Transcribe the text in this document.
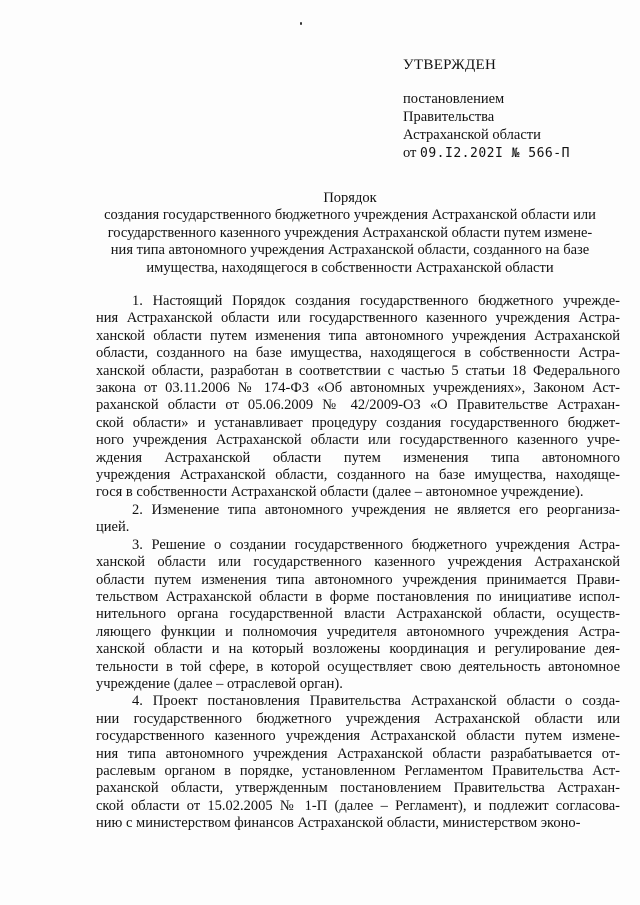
УТВЕРЖДЕН
постановлением
Правительства
Астраханской области
от 09.I2.202I № 566-П
Порядок
создания государственного бюджетного учреждения Астраханской области или
государственного казенного учреждения Астраханской области путем измене-
ния типа автономного учреждения Астраханской области, созданного на базе
имущества, находящегося в собственности Астраханской области
1. Настоящий Порядок создания государственного бюджетного учрежде-
ния Астраханской области или государственного казенного учреждения Астра-
ханской области путем изменения типа автономного учреждения Астраханской
области, созданного на базе имущества, находящегося в собственности Астра-
ханской области, разработан в соответствии с частью 5 статьи 18 Федерального
закона от 03.11.2006 № 174-ФЗ «Об автономных учреждениях», Законом Аст-
раханской области от 05.06.2009 № 42/2009-ОЗ «О Правительстве Астрахан-
ской области» и устанавливает процедуру создания государственного бюджет-
ного учреждения Астраханской области или государственного казенного учре-
ждения Астраханской области путем изменения типа автономного
учреждения Астраханской области, созданного на базе имущества, находяще-
гося в собственности Астраханской области (далее – автономное учреждение).
2. Изменение типа автономного учреждения не является его реорганиза-
цией.
3. Решение о создании государственного бюджетного учреждения Астра-
ханской области или государственного казенного учреждения Астраханской
области путем изменения типа автономного учреждения принимается Прави-
тельством Астраханской области в форме постановления по инициативе испол-
нительного органа государственной власти Астраханской области, осуществ-
ляющего функции и полномочия учредителя автономного учреждения Астра-
ханской области и на который возложены координация и регулирование дея-
тельности в той сфере, в которой осуществляет свою деятельность автономное
учреждение (далее – отраслевой орган).
4. Проект постановления Правительства Астраханской области о созда-
нии государственного бюджетного учреждения Астраханской области или
государственного казенного учреждения Астраханской области путем измене-
ния типа автономного учреждения Астраханской области разрабатывается от-
раслевым органом в порядке, установленном Регламентом Правительства Аст-
раханской области, утвержденным постановлением Правительства Астрахан-
ской области от 15.02.2005 № 1-П (далее – Регламент), и подлежит согласова-
нию с министерством финансов Астраханской области, министерством эконо-
